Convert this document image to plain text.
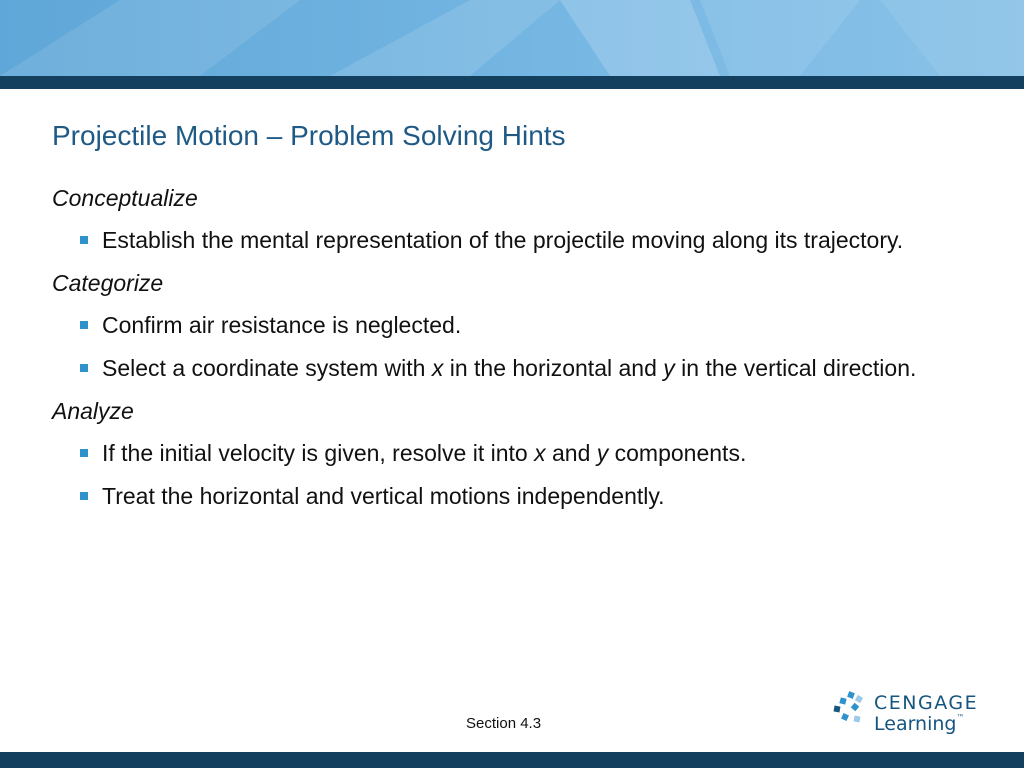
Projectile Motion – Problem Solving Hints
Conceptualize
Establish the mental representation of the projectile moving along its trajectory.
Categorize
Confirm air resistance is neglected.
Select a coordinate system with x in the horizontal and y in the vertical direction.
Analyze
If the initial velocity is given, resolve it into x and y components.
Treat the horizontal and vertical motions independently.
Section 4.3
CENGAGE
Learning™
